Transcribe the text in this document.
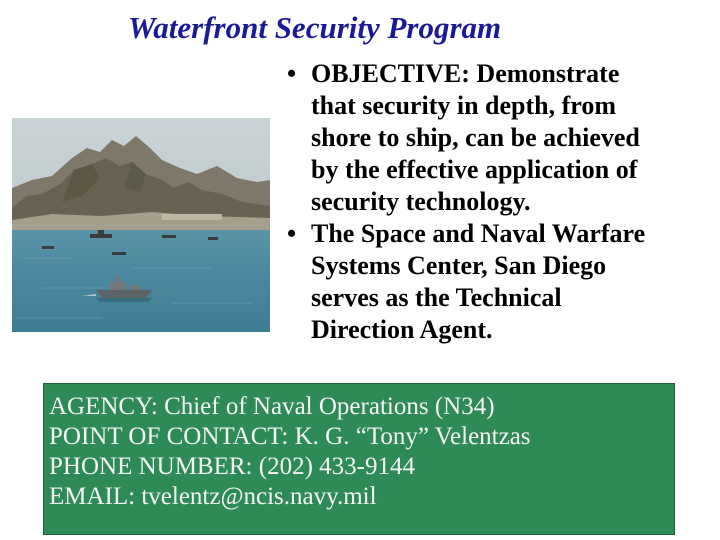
Waterfront Security Program
• OBJECTIVE: Demonstrate
that security in depth, from
shore to ship, can be achieved
by the effective application of
security technology.
• The Space and Naval Warfare
Systems Center, San Diego
serves as the Technical
Direction Agent.
AGENCY: Chief of Naval Operations (N34)
POINT OF CONTACT: K. G. “Tony” Velentzas
PHONE NUMBER: (202) 433-9144
EMAIL: tvelentz@ncis.navy.mil
